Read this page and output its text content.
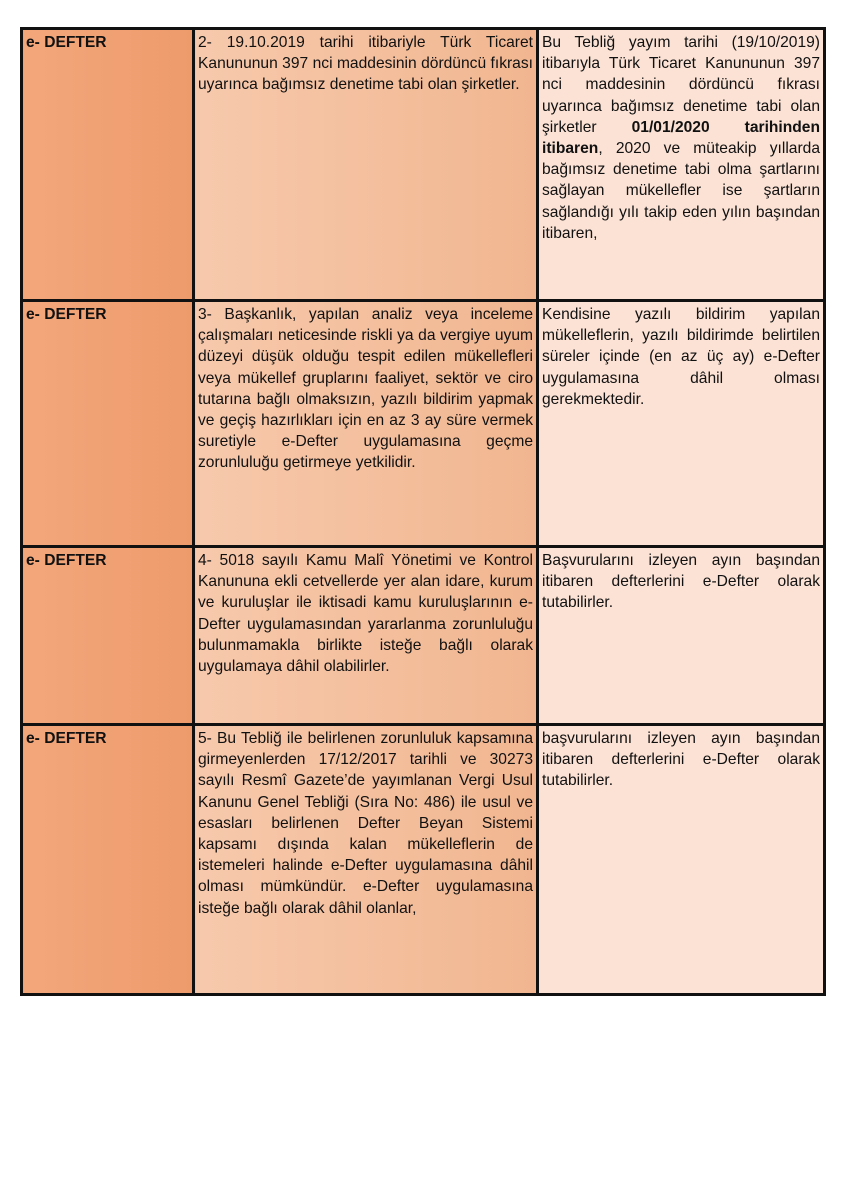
e- DEFTER	2- 19.10.2019 tarihi itibariyle Türk Ticaret Kanununun 397 nci maddesinin dördüncü fıkrası uyarınca bağımsız denetime tabi olan şirketler.	Bu Tebliğ yayım tarihi (19/10/2019) itibarıyla Türk Ticaret Kanununun 397 nci maddesinin dördüncü fıkrası uyarınca bağımsız denetime tabi olan şirketler 01/01/2020 tarihinden itibaren, 2020 ve müteakip yıllarda bağımsız denetime tabi olma şartlarını sağlayan mükellefler ise şartların sağlandığı yılı takip eden yılın başından itibaren,

e- DEFTER	3- Başkanlık, yapılan analiz veya inceleme çalışmaları neticesinde riskli ya da vergiye uyum düzeyi düşük olduğu tespit edilen mükellefleri veya mükellef gruplarını faaliyet, sektör ve ciro tutarına bağlı olmaksızın, yazılı bildirim yapmak ve geçiş hazırlıkları için en az 3 ay süre vermek suretiyle e-Defter uygulamasına geçme zorunluluğu getirmeye yetkilidir.	Kendisine yazılı bildirim yapılan mükelleflerin, yazılı bildirimde belirtilen süreler içinde (en az üç ay) e-Defter uygulamasına dâhil olması gerekmektedir.

e- DEFTER	4- 5018 sayılı Kamu Malî Yönetimi ve Kontrol Kanununa ekli cetvellerde yer alan idare, kurum ve kuruluşlar ile iktisadi kamu kuruluşlarının e-Defter uygulamasından yararlanma zorunluluğu bulunmamakla birlikte isteğe bağlı olarak uygulamaya dâhil olabilirler.	Başvurularını izleyen ayın başından itibaren defterlerini e-Defter olarak tutabilirler.

e- DEFTER	5- Bu Tebliğ ile belirlenen zorunluluk kapsamına girmeyenlerden 17/12/2017 tarihli ve 30273 sayılı Resmî Gazete’de yayımlanan Vergi Usul Kanunu Genel Tebliği (Sıra No: 486) ile usul ve esasları belirlenen Defter Beyan Sistemi kapsamı dışında kalan mükelleflerin de istemeleri halinde e-Defter uygulamasına dâhil olması mümkündür. e-Defter uygulamasına isteğe bağlı olarak dâhil olanlar,	başvurularını izleyen ayın başından itibaren defterlerini e-Defter olarak tutabilirler.
